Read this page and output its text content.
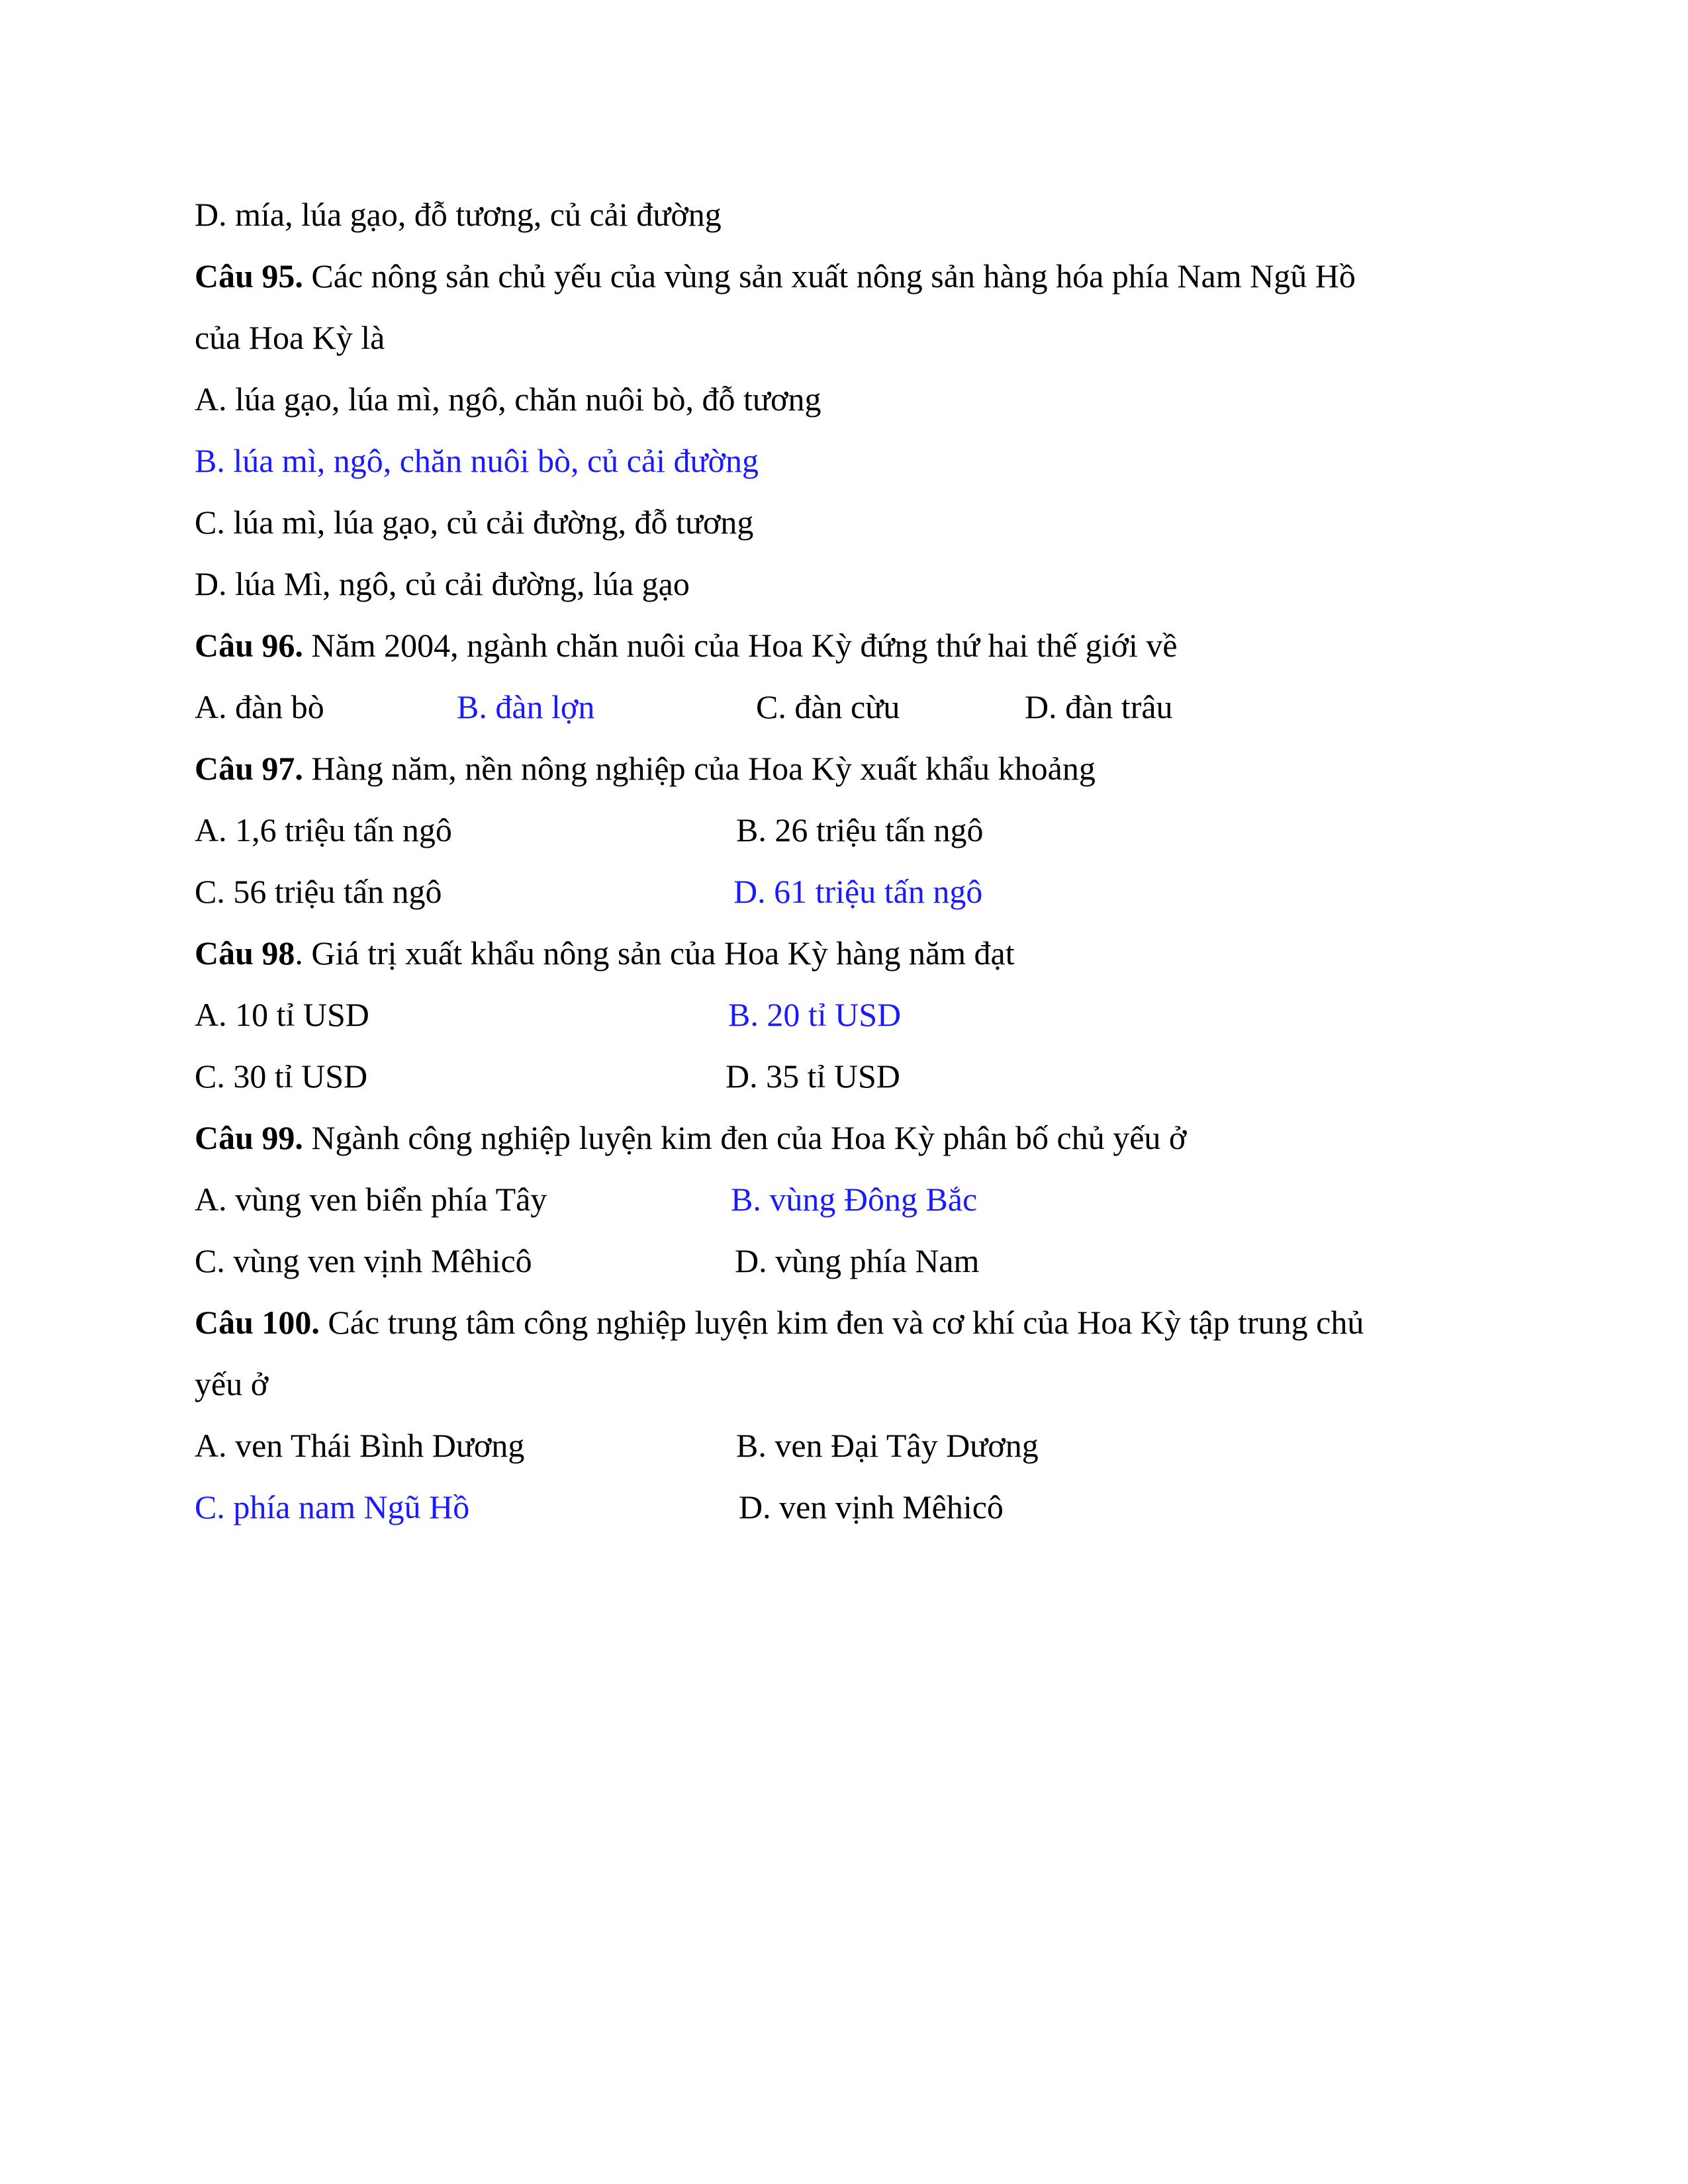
D. mía, lúa gạo, đỗ tương, củ cải đường
Câu 95. Các nông sản chủ yếu của vùng sản xuất nông sản hàng hóa phía Nam Ngũ Hồ
của Hoa Kỳ là
A. lúa gạo, lúa mì, ngô, chăn nuôi bò, đỗ tương
B. lúa mì, ngô, chăn nuôi bò, củ cải đường
C. lúa mì, lúa gạo, củ cải đường, đỗ tương
D. lúa Mì, ngô, củ cải đường, lúa gạo
Câu 96. Năm 2004, ngành chăn nuôi của Hoa Kỳ đứng thứ hai thế giới về
A. đàn bò	B. đàn lợn	C. đàn cừu	D. đàn trâu
Câu 97. Hàng năm, nền nông nghiệp của Hoa Kỳ xuất khẩu khoảng
A. 1,6 triệu tấn ngô	B. 26 triệu tấn ngô
C. 56 triệu tấn ngô	D. 61 triệu tấn ngô
Câu 98. Giá trị xuất khẩu nông sản của Hoa Kỳ hàng năm đạt
A. 10 tỉ USD	B. 20 tỉ USD
C. 30 tỉ USD	D. 35 tỉ USD
Câu 99. Ngành công nghiệp luyện kim đen của Hoa Kỳ phân bố chủ yếu ở
A. vùng ven biển phía Tây	B. vùng Đông Bắc
C. vùng ven vịnh Mêhicô	D. vùng phía Nam
Câu 100. Các trung tâm công nghiệp luyện kim đen và cơ khí của Hoa Kỳ tập trung chủ
yếu ở
A. ven Thái Bình Dương	B. ven Đại Tây Dương
C. phía nam Ngũ Hồ	D. ven vịnh Mêhicô
